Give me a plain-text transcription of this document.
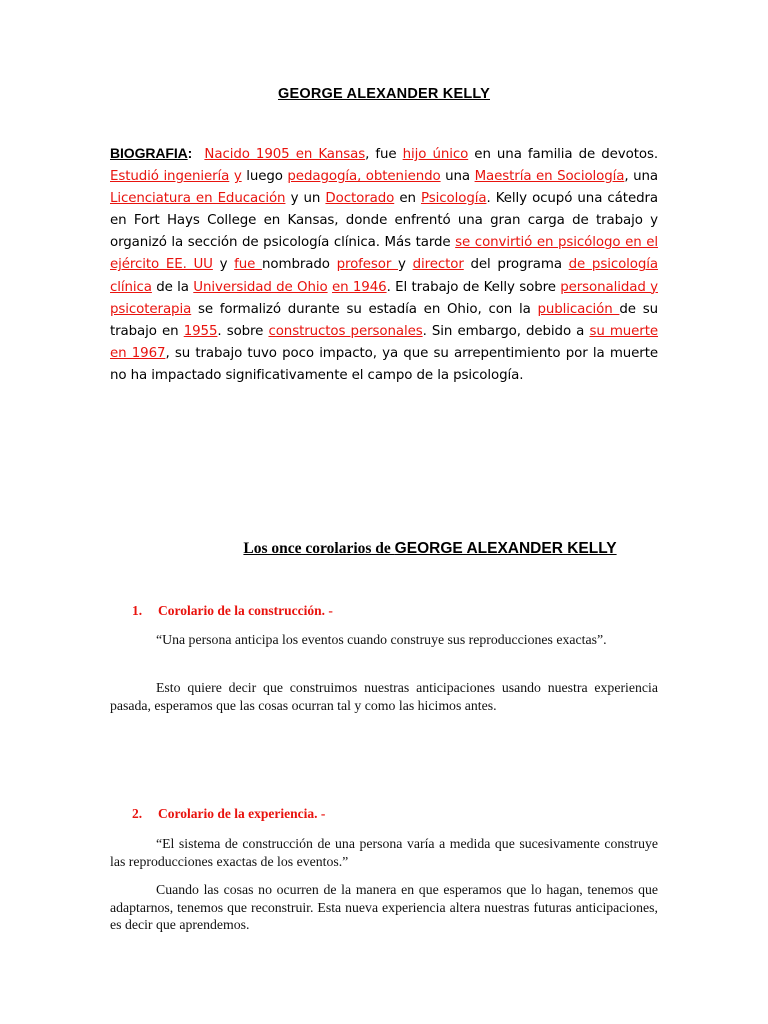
GEORGE ALEXANDER KELLY

BIOGRAFIA: Nacido 1905 en Kansas, fue hijo único en una familia de devotos. Estudió ingeniería y luego pedagogía, obteniendo una Maestría en Sociología, una Licenciatura en Educación y un Doctorado en Psicología. Kelly ocupó una cátedra en Fort Hays College en Kansas, donde enfrentó una gran carga de trabajo y organizó la sección de psicología clínica. Más tarde se convirtió en psicólogo en el ejército EE. UU y fue nombrado profesor y director del programa de psicología clínica de la Universidad de Ohio en 1946. El trabajo de Kelly sobre personalidad y psicoterapia se formalizó durante su estadía en Ohio, con la publicación de su trabajo en 1955. sobre constructos personales. Sin embargo, debido a su muerte en 1967, su trabajo tuvo poco impacto, ya que su arrepentimiento por la muerte no ha impactado significativamente el campo de la psicología.

Los once corolarios de GEORGE ALEXANDER KELLY
1. Corolario de la construcción. -

“Una persona anticipa los eventos cuando construye sus reproducciones exactas”.

Esto quiere decir que construimos nuestras anticipaciones usando nuestra experiencia pasada, esperamos que las cosas ocurran tal y como las hicimos antes.

2. Corolario de la experiencia. -

“El sistema de construcción de una persona varía a medida que sucesivamente construye las reproducciones exactas de los eventos.”

Cuando las cosas no ocurren de la manera en que esperamos que lo hagan, tenemos que adaptarnos, tenemos que reconstruir. Esta nueva experiencia altera nuestras futuras anticipaciones, es decir que aprendemos.
